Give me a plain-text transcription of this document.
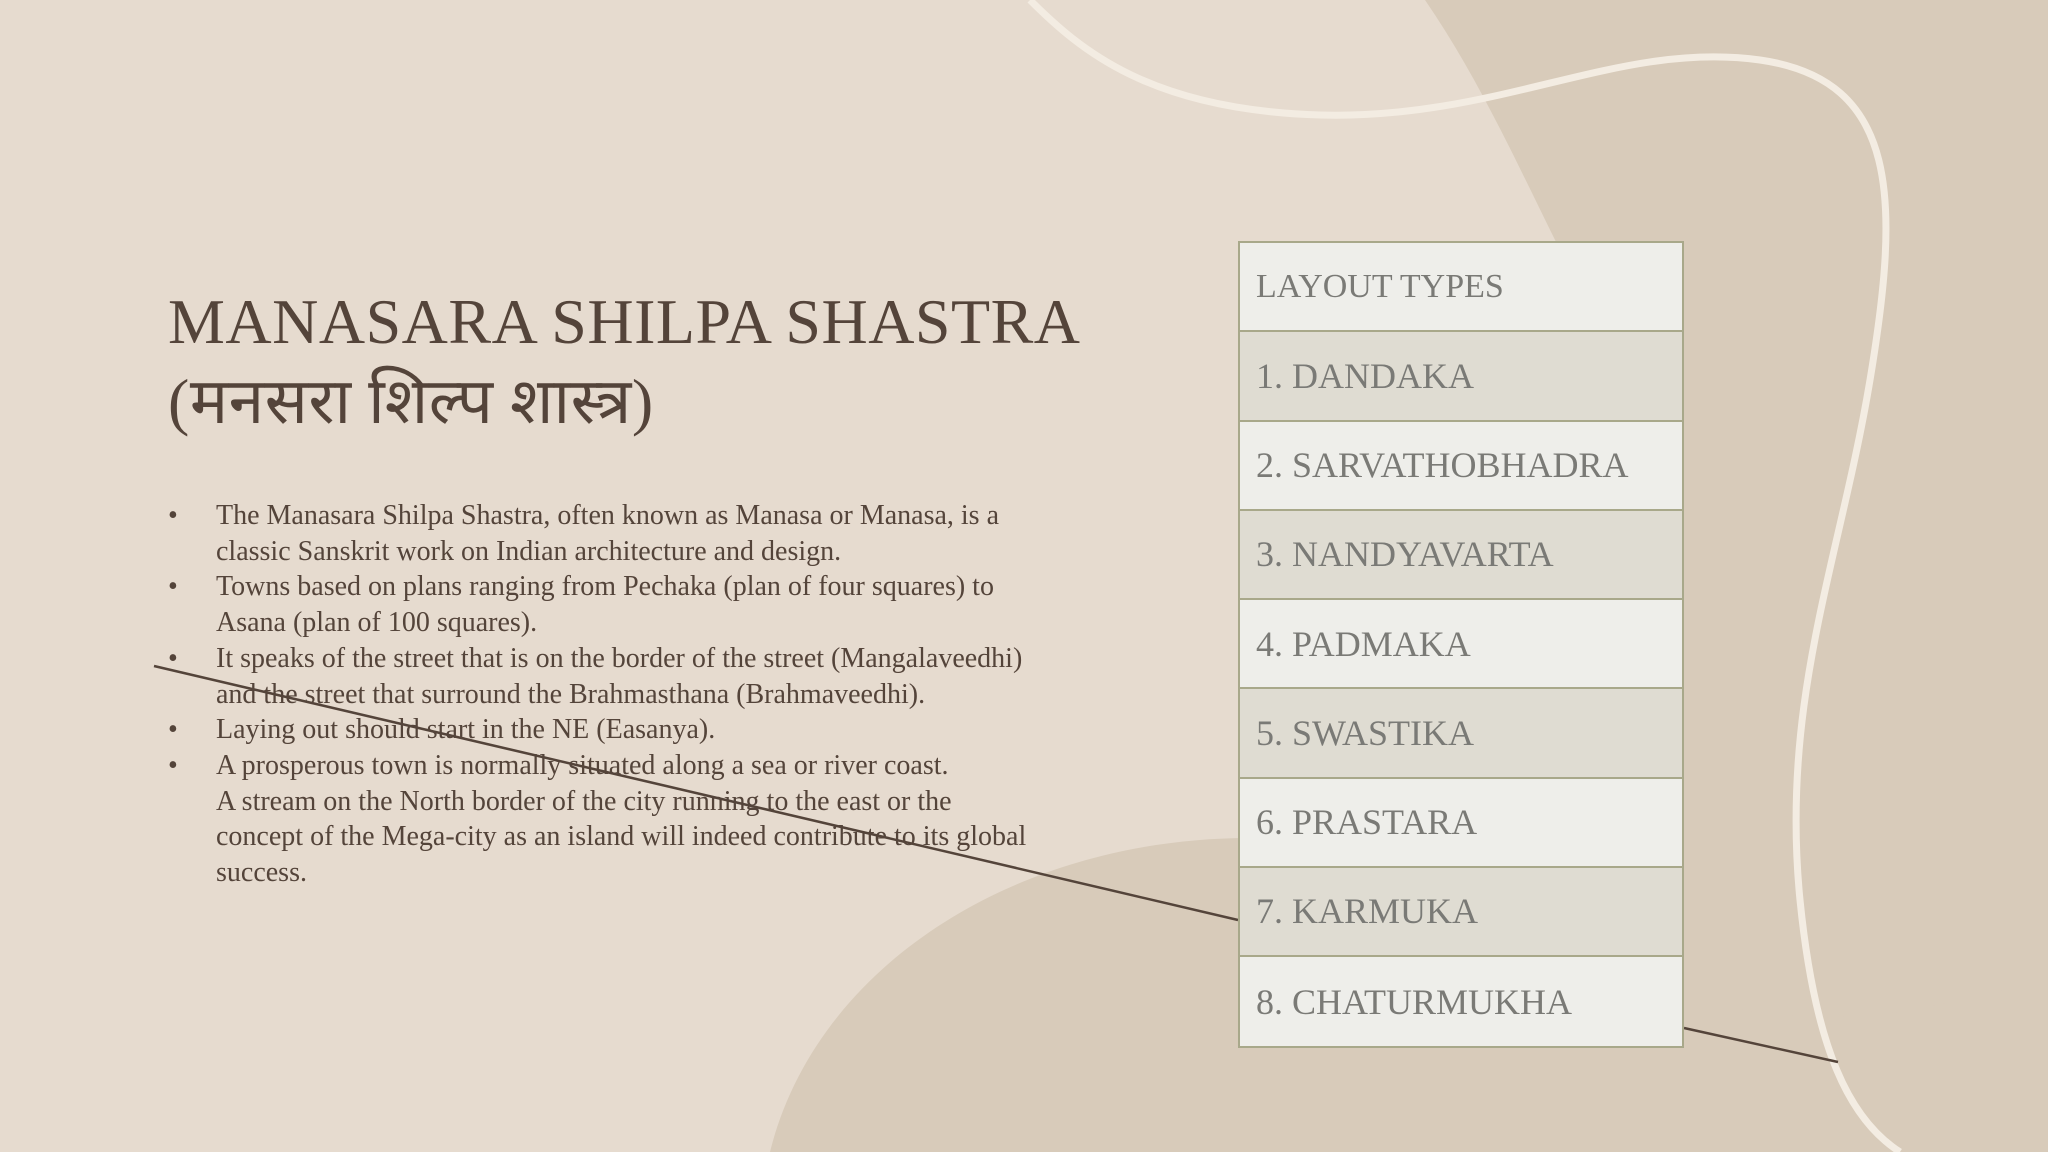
MANASARA SHILPA SHASTRA
(मनसरा शिल्प शास्त्र)
• The Manasara Shilpa Shastra, often known as Manasa or Manasa, is a classic Sanskrit work on Indian architecture and design.
• Towns based on plans ranging from Pechaka (plan of four squares) to Asana (plan of 100 squares).
• It speaks of the street that is on the border of the street (Mangalaveedhi) and the street that surround the Brahmasthana (Brahmaveedhi).
• Laying out should start in the NE (Easanya).
• A prosperous town is normally situated along a sea or river coast.
A stream on the North border of the city running to the east or the concept of the Mega-city as an island will indeed contribute to its global success.
LAYOUT TYPES
1. DANDAKA
2. SARVATHOBHADRA
3. NANDYAVARTA
4. PADMAKA
5. SWASTIKA
6. PRASTARA
7. KARMUKA
8. CHATURMUKHA
